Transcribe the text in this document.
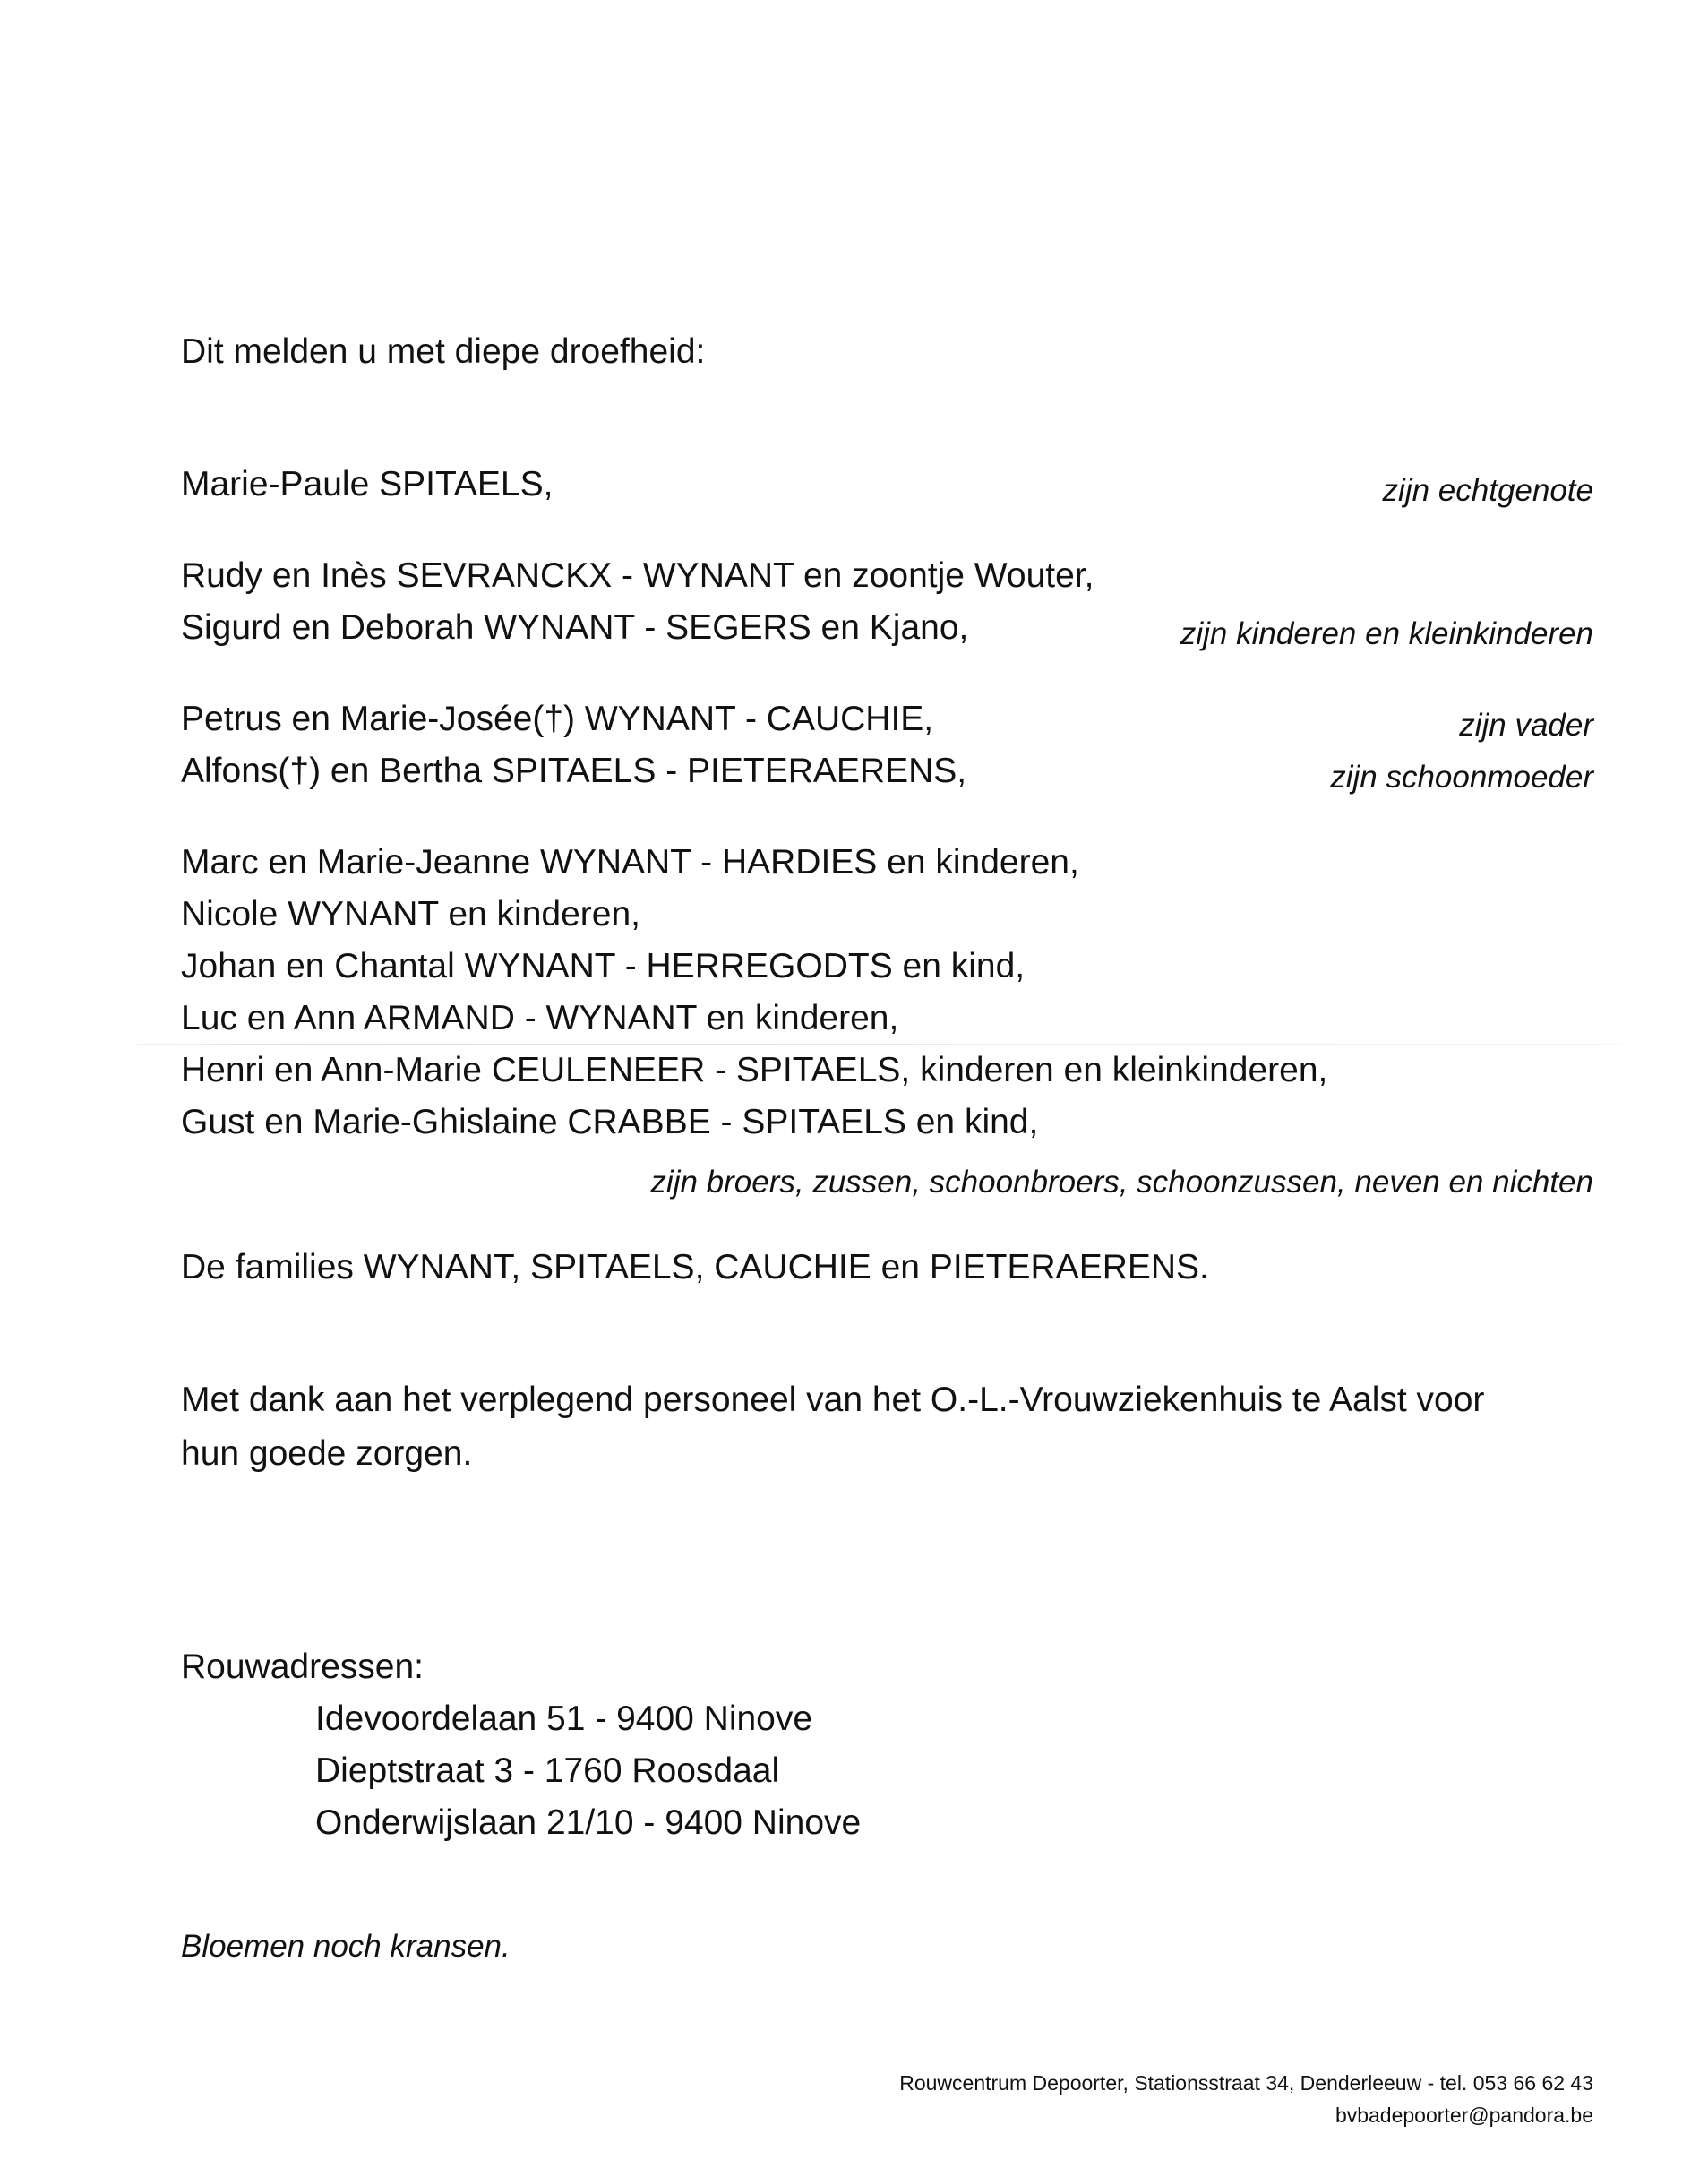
Dit melden u met diepe droefheid:
Marie-Paule SPITAELS,	zijn echtgenote
Rudy en Inès SEVRANCKX - WYNANT en zoontje Wouter,
Sigurd en Deborah WYNANT - SEGERS en Kjano,	zijn kinderen en kleinkinderen
Petrus en Marie-Josée(†) WYNANT - CAUCHIE,	zijn vader
Alfons(†) en Bertha SPITAELS - PIETERAERENS,	zijn schoonmoeder
Marc en Marie-Jeanne WYNANT - HARDIES en kinderen,
Nicole WYNANT en kinderen,
Johan en Chantal WYNANT - HERREGODTS en kind,
Luc en Ann ARMAND - WYNANT en kinderen,
Henri en Ann-Marie CEULENEER - SPITAELS, kinderen en kleinkinderen,
Gust en Marie-Ghislaine CRABBE - SPITAELS en kind,
zijn broers, zussen, schoonbroers, schoonzussen, neven en nichten
De families WYNANT, SPITAELS, CAUCHIE en PIETERAERENS.
Met dank aan het verplegend personeel van het O.-L.-Vrouwziekenhuis te Aalst voor
hun goede zorgen.
Rouwadressen:
Idevoordelaan 51 - 9400 Ninove
Dieptstraat 3 - 1760 Roosdaal
Onderwijslaan 21/10 - 9400 Ninove
Bloemen noch kransen.
Rouwcentrum Depoorter, Stationsstraat 34, Denderleeuw - tel. 053 66 62 43
bvbadepoorter@pandora.be
